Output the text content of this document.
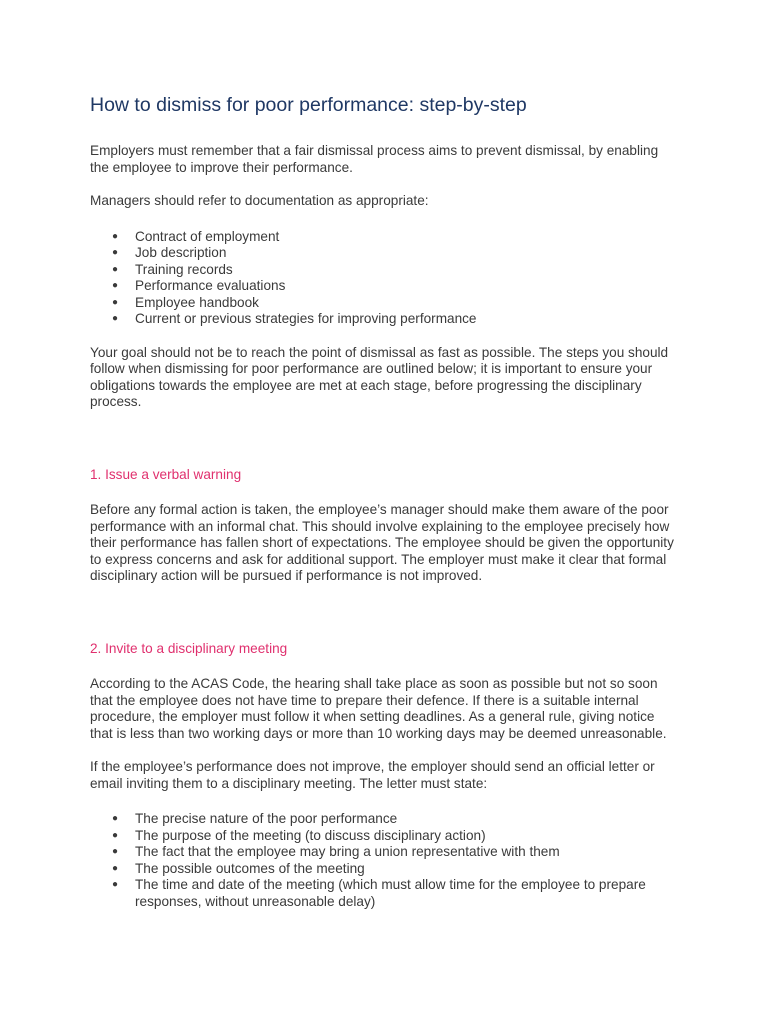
How to dismiss for poor performance: step-by-step

Employers must remember that a fair dismissal process aims to prevent dismissal, by enabling the employee to improve their performance.

Managers should refer to documentation as appropriate:

● Contract of employment
● Job description
● Training records
● Performance evaluations
● Employee handbook
● Current or previous strategies for improving performance

Your goal should not be to reach the point of dismissal as fast as possible. The steps you should follow when dismissing for poor performance are outlined below; it is important to ensure your obligations towards the employee are met at each stage, before progressing the disciplinary process.

1. Issue a verbal warning

Before any formal action is taken, the employee’s manager should make them aware of the poor performance with an informal chat. This should involve explaining to the employee precisely how their performance has fallen short of expectations. The employee should be given the opportunity to express concerns and ask for additional support. The employer must make it clear that formal disciplinary action will be pursued if performance is not improved.

2. Invite to a disciplinary meeting

According to the ACAS Code, the hearing shall take place as soon as possible but not so soon that the employee does not have time to prepare their defence. If there is a suitable internal procedure, the employer must follow it when setting deadlines. As a general rule, giving notice that is less than two working days or more than 10 working days may be deemed unreasonable.

If the employee’s performance does not improve, the employer should send an official letter or email inviting them to a disciplinary meeting. The letter must state:

● The precise nature of the poor performance
● The purpose of the meeting (to discuss disciplinary action)
● The fact that the employee may bring a union representative with them
● The possible outcomes of the meeting
● The time and date of the meeting (which must allow time for the employee to prepare responses, without unreasonable delay)
